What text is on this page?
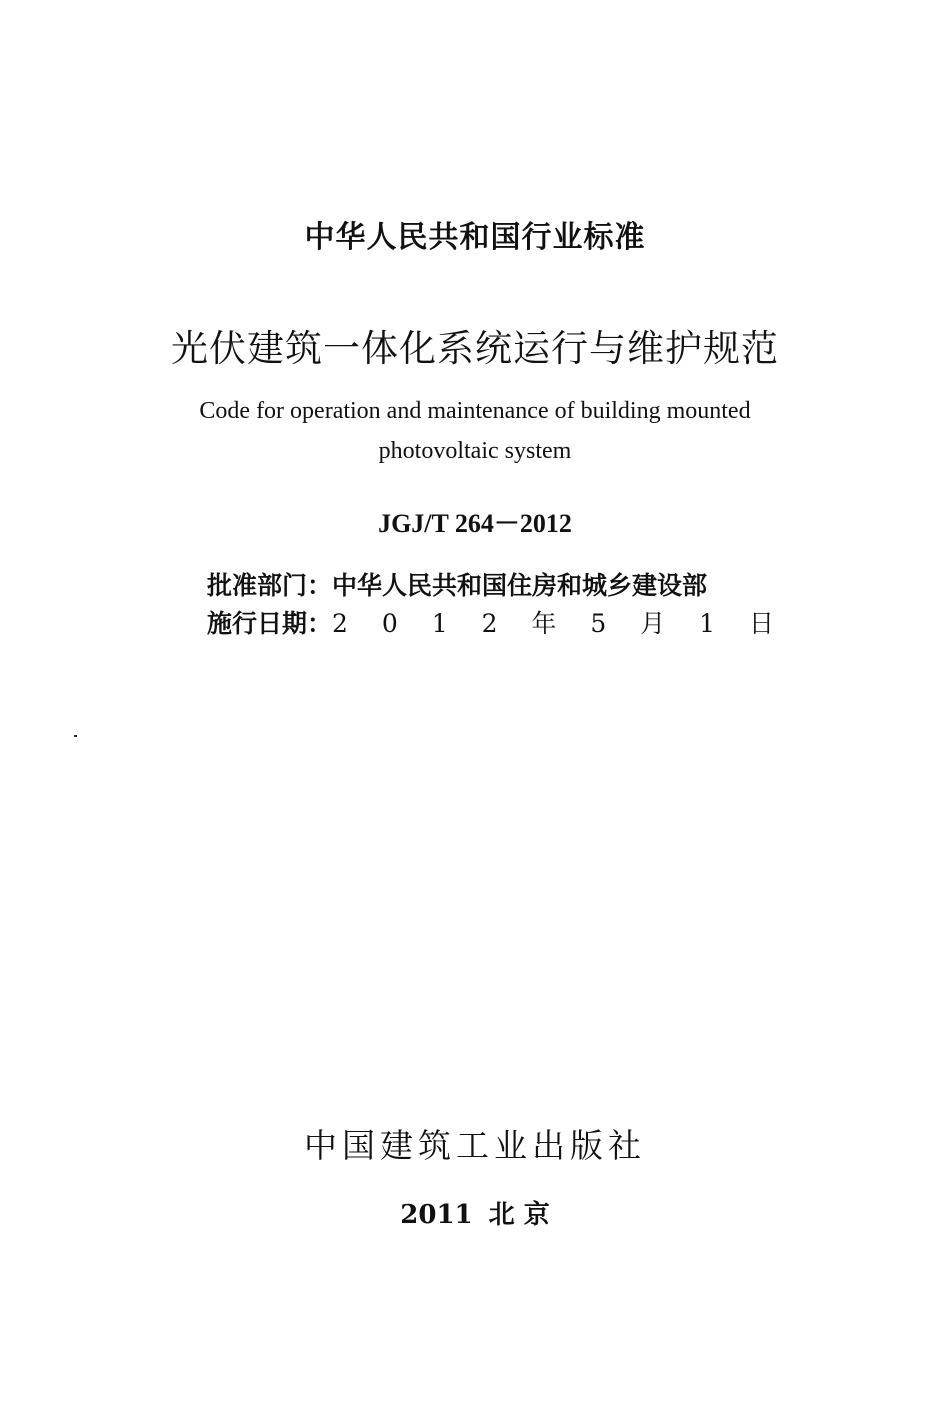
中华人民共和国行业标准
光伏建筑一体化系统运行与维护规范
Code for operation and maintenance of building mounted
photovoltaic system
JGJ/T 264－2012
批准部门：中华人民共和国住房和城乡建设部
施行日期：2 0 1 2 年 5 月 1 日
中国建筑工业出版社
2011 北 京
